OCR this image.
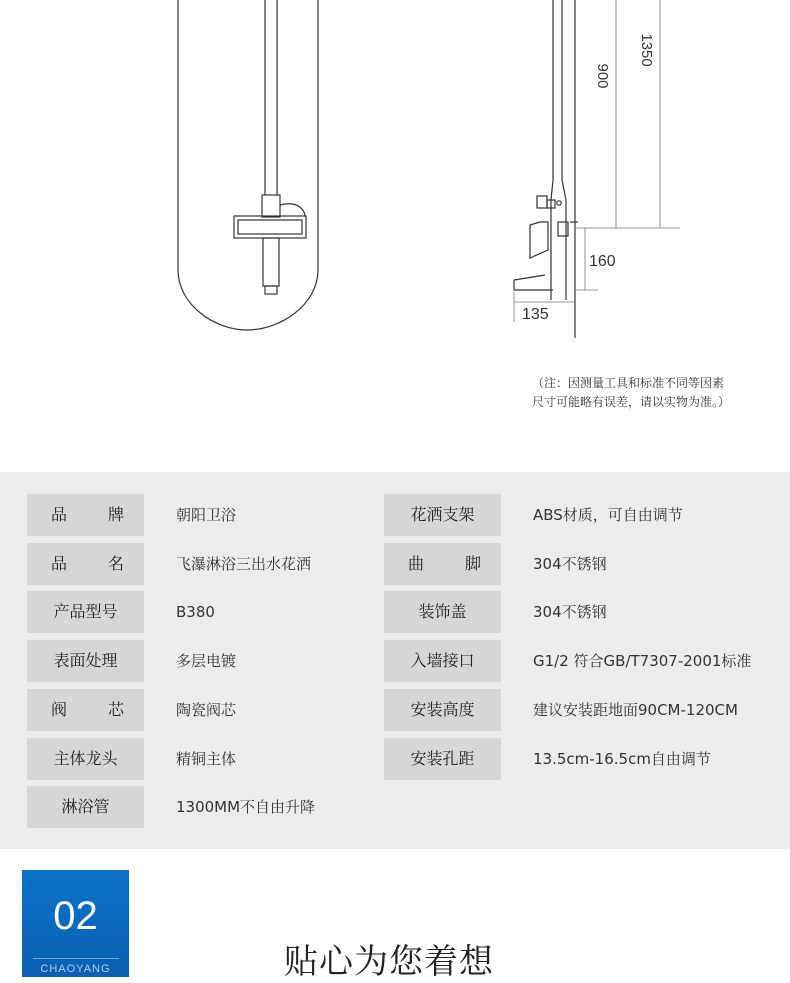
1350
900
160
135
（注：因测量工具和标准不同等因素
尺寸可能略有误差，请以实物为准。）
品	牌	朝阳卫浴
品	名	飞瀑淋浴三出水花洒
产品型号	B380
表面处理	多层电镀
阀	芯	陶瓷阀芯
主体龙头	精铜主体
淋浴管	1300MM不自由升降
花洒支架	ABS材质，可自由调节
曲	脚	304不锈钢
装饰盖	304不锈钢
入墙接口	G1/2 符合GB/T7307-2001标准
安装高度	建议安装距地面90CM-120CM
安装孔距	13.5cm-16.5cm自由调节
02
CHAOYANG	贴心为您着想
